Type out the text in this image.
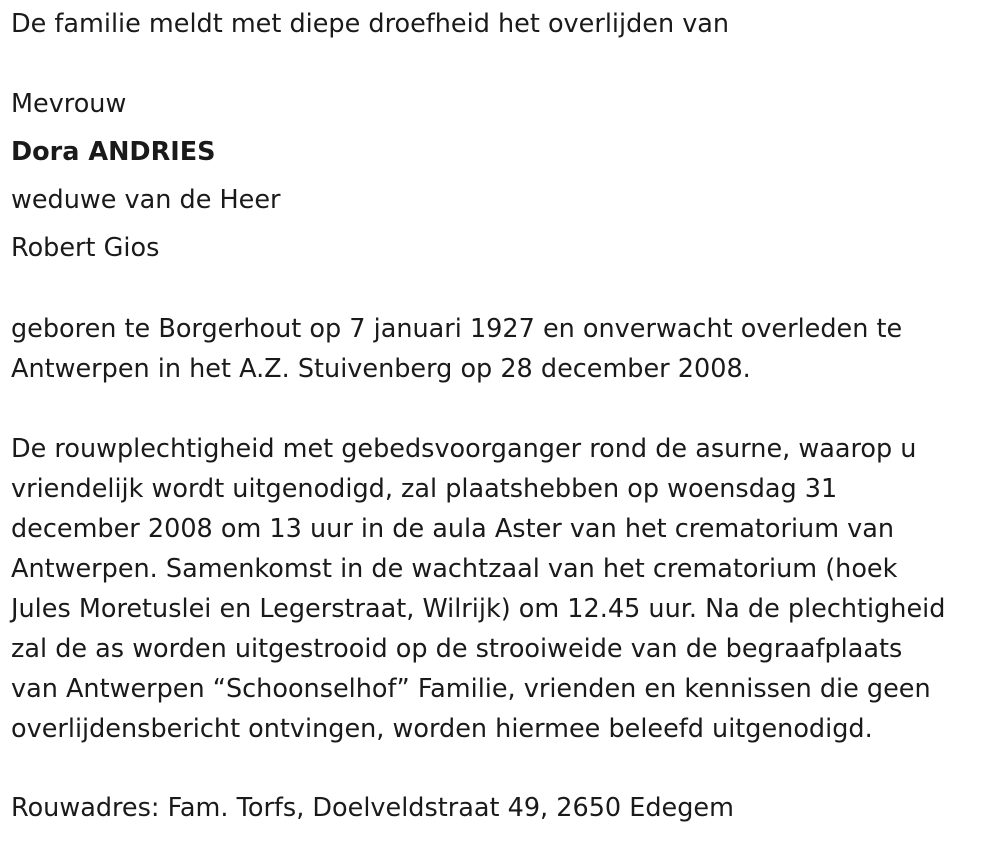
De familie meldt met diepe droefheid het overlijden van
Mevrouw
Dora ANDRIES
weduwe van de Heer
Robert Gios
geboren te Borgerhout op 7 januari 1927 en onverwacht overleden te
Antwerpen in het A.Z. Stuivenberg op 28 december 2008.
De rouwplechtigheid met gebedsvoorganger rond de asurne, waarop u
vriendelijk wordt uitgenodigd, zal plaatshebben op woensdag 31
december 2008 om 13 uur in de aula Aster van het crematorium van
Antwerpen. Samenkomst in de wachtzaal van het crematorium (hoek
Jules Moretuslei en Legerstraat, Wilrijk) om 12.45 uur. Na de plechtigheid
zal de as worden uitgestrooid op de strooiweide van de begraafplaats
van Antwerpen “Schoonselhof” Familie, vrienden en kennissen die geen
overlijdensbericht ontvingen, worden hiermee beleefd uitgenodigd.
Rouwadres: Fam. Torfs, Doelveldstraat 49, 2650 Edegem
